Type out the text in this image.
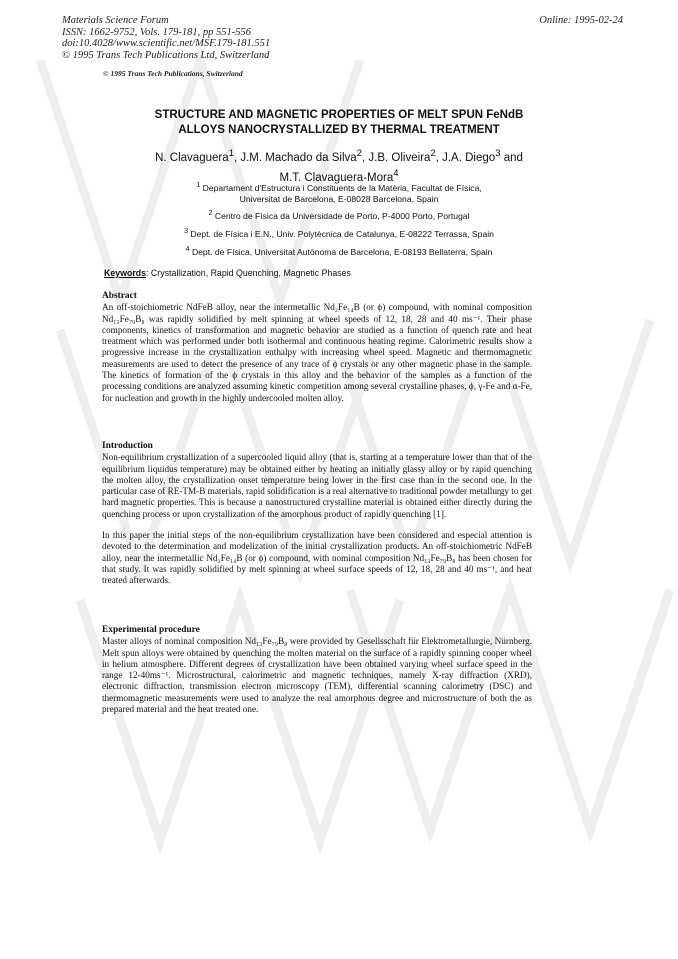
Materials Science Forum
ISSN: 1662-9752, Vols. 179-181, pp 551-556
doi:10.4028/www.scientific.net/MSF.179-181.551
© 1995 Trans Tech Publications Ltd, Switzerland
Online: 1995-02-24
© 1995 Trans Tech Publications, Switzerland
STRUCTURE AND MAGNETIC PROPERTIES OF MELT SPUN FeNdB
ALLOYS NANOCRYSTALLIZED BY THERMAL TREATMENT
N. Clavaguera$^1$, J.M. Machado da Silva$^2$, J.B. Oliveira$^2$, J.A. Diego$^3$ and
M.T. Clavaguera-Mora$^4$
$^1$ Departament d'Estructura i Constituents de la Matèria, Facultat de Física,
Universitat de Barcelona, E-08028 Barcelona, Spain
$^2$ Centro de Física da Universidade de Porto, P-4000 Porto, Portugal
$^3$ Dept. de Física i E.N., Univ. Polytècnica de Catalunya, E-08222 Terrassa, Spain
$^4$ Dept. de Física, Universitat Autònoma de Barcelona, E-08193 Bellaterra, Spain
Keywords: Crystallization, Rapid Quenching, Magnetic Phases
Abstract

An off-stoichiometric NdFeB alloy, near the intermetallic Nd₂Fe₁₄B (or ϕ) compound, with nominal composition Nd₁₃Fe₇₉B₈ was rapidly solidified by melt spinning at wheel speeds of 12, 18, 28 and 40 ms⁻¹. Their phase components, kinetics of transformation and magnetic behavior are studied as a function of quench rate and heat treatment which was performed under both isothermal and continuous heating regime. Calorimetric results show a progressive increase in the crystallization enthalpy with increasing wheel speed. Magnetic and thermomagnetic measurements are used to detect the presence of any trace of ϕ crystals or any other magnetic phase in the sample. The kinetics of formation of the ϕ crystals in this alloy and the behavior of the samples as a function of the processing conditions are analyzed assuming kinetic competition among several crystalline phases, ϕ, γ-Fe and α-Fe, for nucleation and growth in the highly undercooled molten alloy.

Introduction

Non-equilibrium crystallization of a supercooled liquid alloy (that is, starting at a temperature lower than that of the equilibrium liquidus temperature) may be obtained either by heating an initially glassy alloy or by rapid quenching the molten alloy, the crystallization onset temperature being lower in the first case than in the second one. In the particular case of RE-TM-B materials, rapid solidification is a real alternative to traditional powder metallurgy to get hard magnetic properties. This is because a nanostructured crystalline material is obtained either directly during the quenching process or upon crystallization of the amorphous product of rapidly quenching [1].

In this paper the initial steps of the non-equilibrium crystallization have been considered and especial attention is devoted to the determination and modelization of the initial crystallization products. An off-stoichiometric NdFeB alloy, near the intermetallic Nd₂Fe₁₄B (or ϕ) compound, with nominal composition Nd₁₃Fe₇₉B₈ has been chosen for that study. It was rapidly solidified by melt spinning at wheel surface speeds of 12, 18, 28 and 40 ms⁻¹, and heat treated afterwards.

Experimental procedure

Master alloys of nominal composition Nd₁₃Fe₇₉B₈ were provided by Gesellsschaft für Elektrometallurgie, Nürnberg. Melt spun alloys were obtained by quenching the molten material on the surface of a rapidly spinning cooper wheel in helium atmosphere. Different degrees of crystallization have been obtained varying wheel surface speed in the range 12-40ms⁻¹. Microstructural, calorimetric and magnetic techniques, namely X-ray diffraction (XRD), electronic diffraction, transmission electron microscopy (TEM), differential scanning calorimetry (DSC) and thermomagnetic measurements were used to analyze the real amorphous degree and microstructure of both the as prepared material and the heat treated one.
